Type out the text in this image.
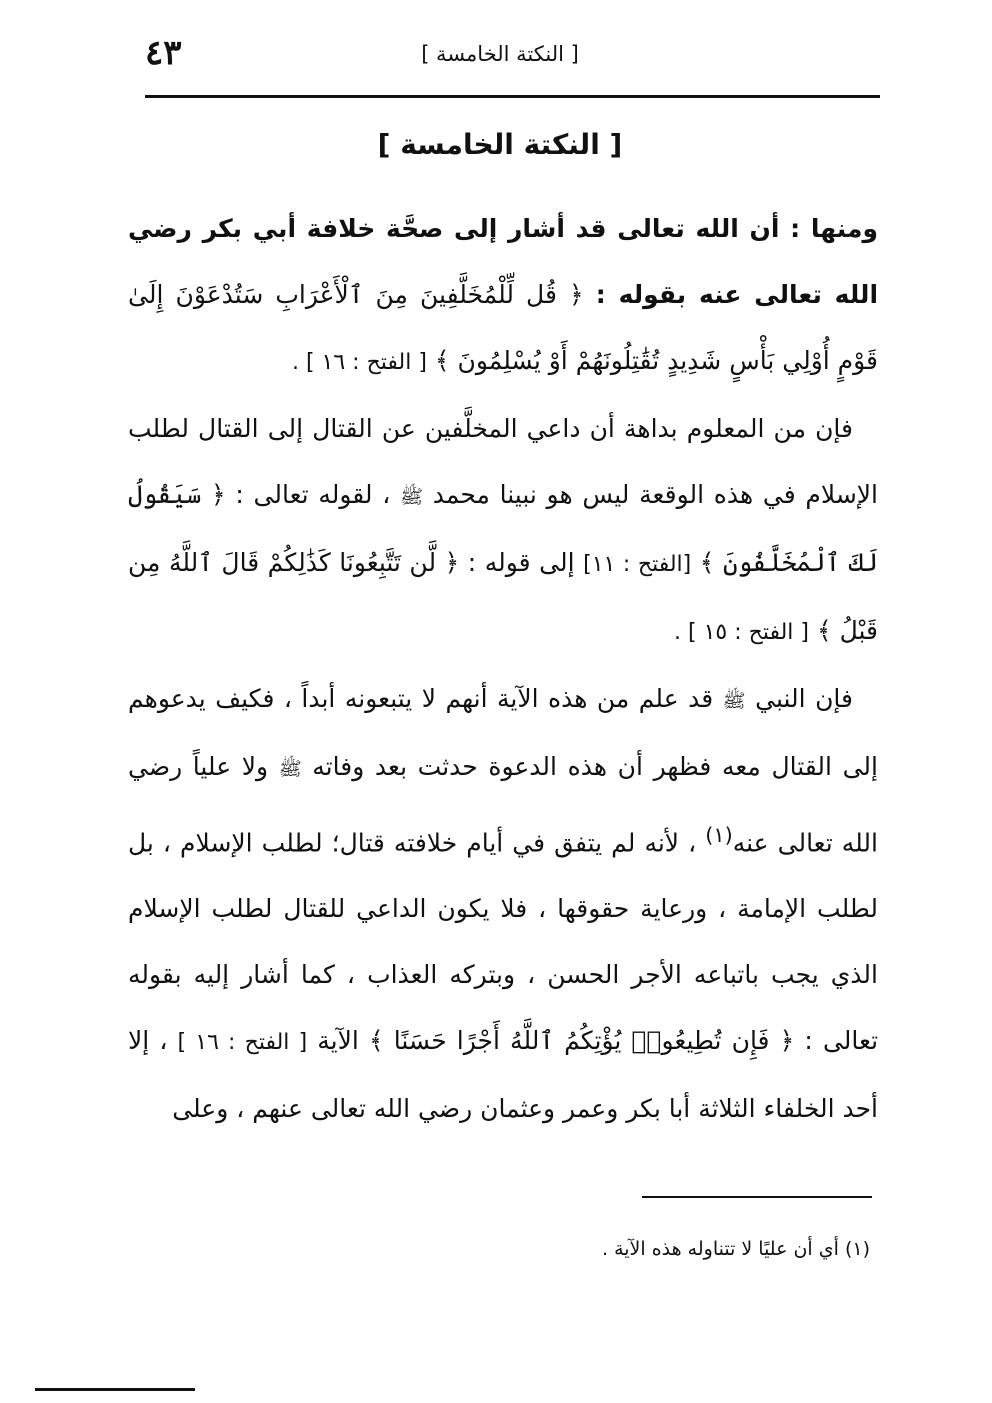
٤٣	[ النكتة الخامسة ]
[ النكتة الخامسة ]

ومنها : أن الله تعالى قد أشار إلى صحَّة خلافة أبي بكر رضي الله تعالى عنه بقوله : ﴿ قُل لِّلْمُخَلَّفِينَ مِنَ ٱلْأَعْرَابِ سَتُدْعَوْنَ إِلَىٰ قَوْمٍ أُوْلِي بَأْسٍ شَدِيدٍ تُقَٰتِلُونَهُمْ أَوْ يُسْلِمُونَ ﴾ [ الفتح : ١٦ ] .

فإن من المعلوم بداهة أن داعي المخلَّفين عن القتال إلى القتال لطلب الإسلام في هذه الوقعة ليس هو نبينا محمد ﷺ ، لقوله تعالى : ﴿ سَيَقُولُ لَكَ ٱلْمُخَلَّفُونَ ﴾ [الفتح : ١١] إلى قوله : ﴿ لَّن تَتَّبِعُونَا كَذَٰلِكُمْ قَالَ ٱللَّهُ مِن قَبْلُ ﴾ [ الفتح : ١٥ ] .

فإن النبي ﷺ قد علم من هذه الآية أنهم لا يتبعونه أبداً ، فكيف يدعوهم إلى القتال معه فظهر أن هذه الدعوة حدثت بعد وفاته ﷺ ولا علياً رضي الله تعالى عنه$^{(١)}$ ، لأنه لم يتفق في أيام خلافته قتال؛ لطلب الإسلام ، بل لطلب الإمامة ، ورعاية حقوقها ، فلا يكون الداعي للقتال لطلب الإسلام الذي يجب باتباعه الأجر الحسن ، وبتركه العذاب ، كما أشار إليه بقوله تعالى : ﴿ فَإِن تُطِيعُوا۟ يُؤْتِكُمُ ٱللَّهُ أَجْرًا حَسَنًا ﴾ الآية [ الفتح : ١٦ ] ، إلا أحد الخلفاء الثلاثة أبا بكر وعمر وعثمان رضي الله تعالى عنهم ، وعلى

(١) أي أن عليًا لا تتناوله هذه الآية .
